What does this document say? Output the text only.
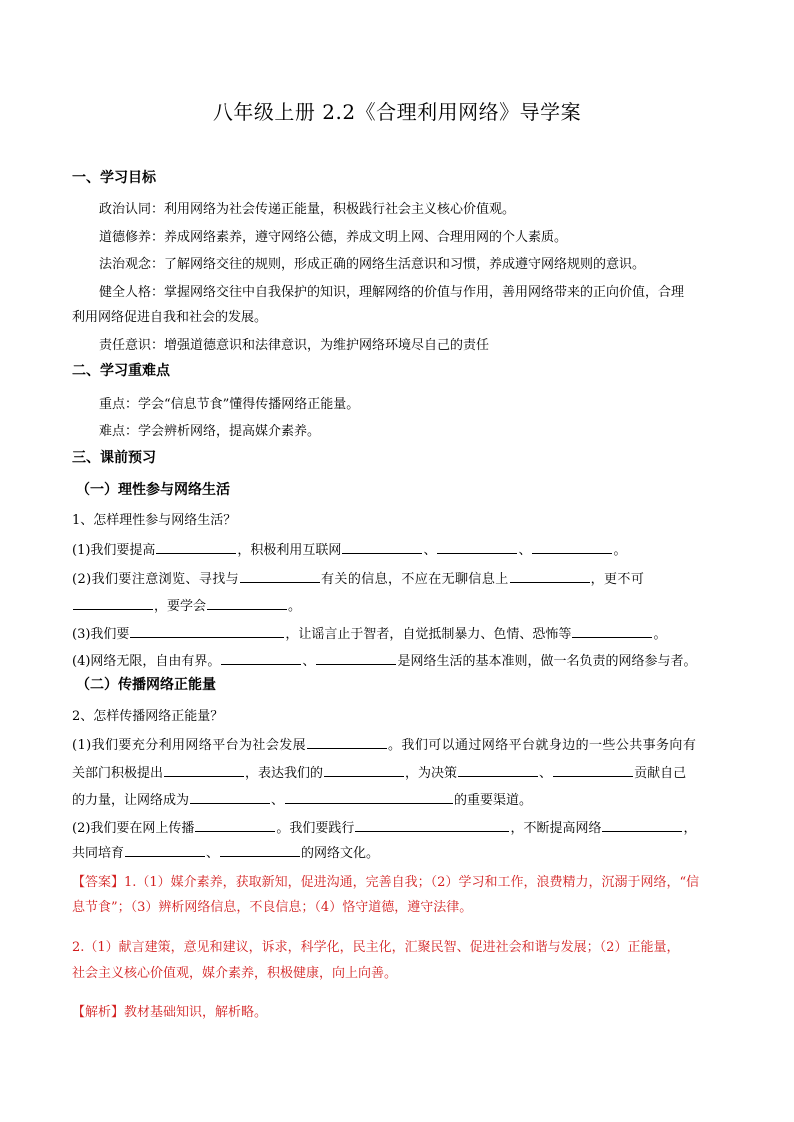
八年级上册 2.2《合理利用网络》导学案
一、学习目标
政治认同：利用网络为社会传递正能量，积极践行社会主义核心价值观。
道德修养：养成网络素养，遵守网络公德，养成文明上网、合理用网的个人素质。
法治观念：了解网络交往的规则，形成正确的网络生活意识和习惯，养成遵守网络规则的意识。
健全人格：掌握网络交往中自我保护的知识，理解网络的价值与作用，善用网络带来的正向价值，合理
利用网络促进自我和社会的发展。
责任意识：增强道德意识和法律意识，为维护网络环境尽自己的责任
二、学习重难点
重点：学会“信息节食”懂得传播网络正能量。
难点：学会辨析网络，提高媒介素养。
三、课前预习
（一）理性参与网络生活
1、怎样理性参与网络生活？
(1)我们要提高	，积极利用互联网	、	、	。
(2)我们要注意浏览、寻找与	有关的信息，不应在无聊信息上	，更不可
，要学会	。
(3)我们要	，让谣言止于智者，自觉抵制暴力、色情、恐怖等	。
(4)网络无限，自由有界。	、	是网络生活的基本准则，做一名负责的网络参与者。
（二）传播网络正能量
2、怎样传播网络正能量？
(1)我们要充分利用网络平台为社会发展	。我们可以通过网络平台就身边的一些公共事务向有
关部门积极提出	，表达我们的	，为决策	、	贡献自己
的力量，让网络成为	、	的重要渠道。
(2)我们要在网上传播	。我们要践行	，不断提高网络	，
共同培育	、	的网络文化。
【答案】1.（1）媒介素养，获取新知，促进沟通，完善自我；（2）学习和工作，浪费精力，沉溺于网络，“信
息节食”；（3）辨析网络信息，不良信息；（4）恪守道德，遵守法律。
2.（1）献言建策，意见和建议，诉求，科学化，民主化，汇聚民智、促进社会和谐与发展；（2）正能量，
社会主义核心价值观，媒介素养，积极健康，向上向善。
【解析】教材基础知识，解析略。
